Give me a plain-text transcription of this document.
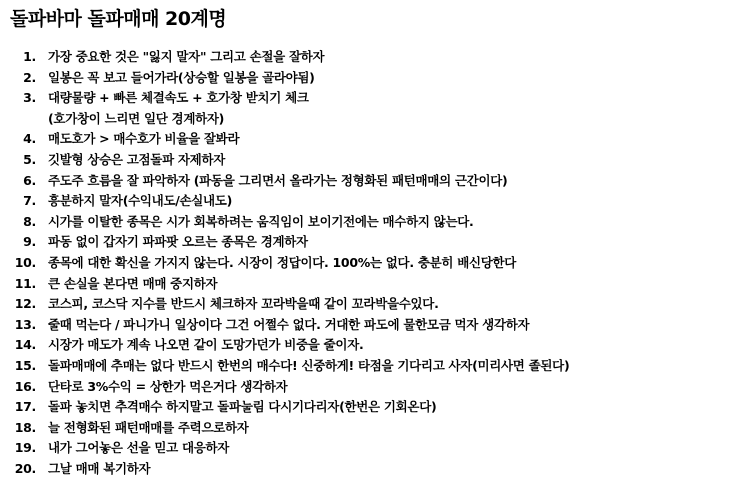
돌파바마 돌파매매 20계명
1. 가장 중요한 것은 "잃지 말자" 그리고 손절을 잘하자
2. 일봉은 꼭 보고 들어가라(상승할 일봉을 골라야됨)
3. 대량물량 + 빠른 체결속도 + 호가창 받치기 체크
(호가창이 느리면 일단 경계하자)
4. 매도호가 > 매수호가 비율을 잘봐라
5. 깃발형 상승은 고점돌파 자제하자
6. 주도주 흐름을 잘 파악하자 (파동을 그리면서 올라가는 정형화된 패턴매매의 근간이다)
7. 흥분하지 말자(수익내도/손실내도)
8. 시가를 이탈한 종목은 시가 회복하려는 움직임이 보이기전에는 매수하지 않는다.
9. 파동 없이 갑자기 파파팟 오르는 종목은 경계하자
10. 종목에 대한 확신을 가지지 않는다. 시장이 정답이다. 100%는 없다. 충분히 배신당한다
11. 큰 손실을 본다면 매매 중지하자
12. 코스피, 코스닥 지수를 반드시 체크하자 꼬라박을때 같이 꼬라박을수있다.
13. 줄때 먹는다 / 파니가니 일상이다 그건 어쩔수 없다. 거대한 파도에 물한모금 먹자 생각하자
14. 시장가 매도가 계속 나오면 같이 도망가던가 비중을 줄이자.
15. 돌파매매에 추매는 없다 반드시 한번의 매수다! 신중하게! 타점을 기다리고 사자(미리사면 졸된다)
16. 단타로 3%수익 = 상한가 먹은거다 생각하자
17. 돌파 놓치면 추격매수 하지말고 돌파눌림 다시기다리자(한번은 기회온다)
18. 늘 전형화된 패턴매매를 주력으로하자
19. 내가 그어놓은 선을 믿고 대응하자
20. 그날 매매 복기하자
